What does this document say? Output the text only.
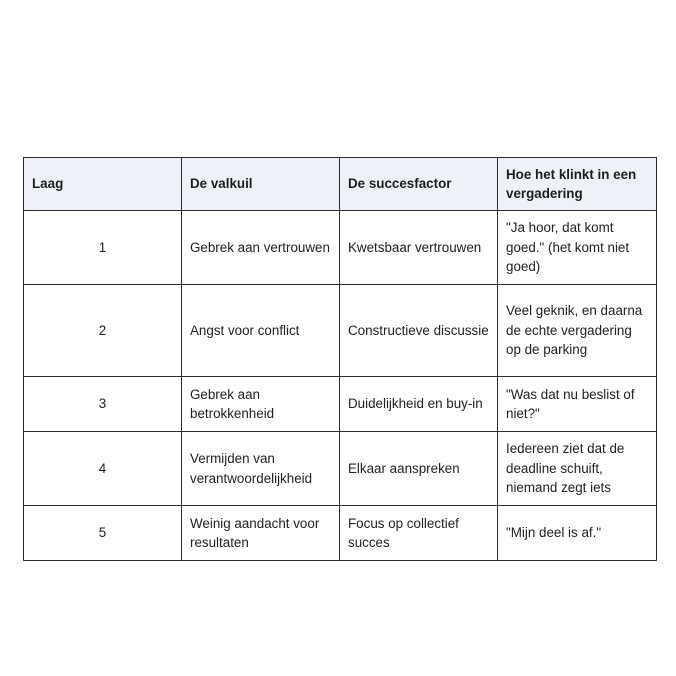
Laag	De valkuil	De succesfactor	Hoe het klinkt in een vergadering
1	Gebrek aan vertrouwen	Kwetsbaar vertrouwen	"Ja hoor, dat komt goed." (het komt niet goed)
2	Angst voor conflict	Constructieve discussie	Veel geknik, en daarna de echte vergadering op de parking
3	Gebrek aan betrokkenheid	Duidelijkheid en buy-in	"Was dat nu beslist of niet?"
4	Vermijden van verantwoordelijkheid	Elkaar aanspreken	Iedereen ziet dat de deadline schuift, niemand zegt iets
5	Weinig aandacht voor resultaten	Focus op collectief succes	"Mijn deel is af."
